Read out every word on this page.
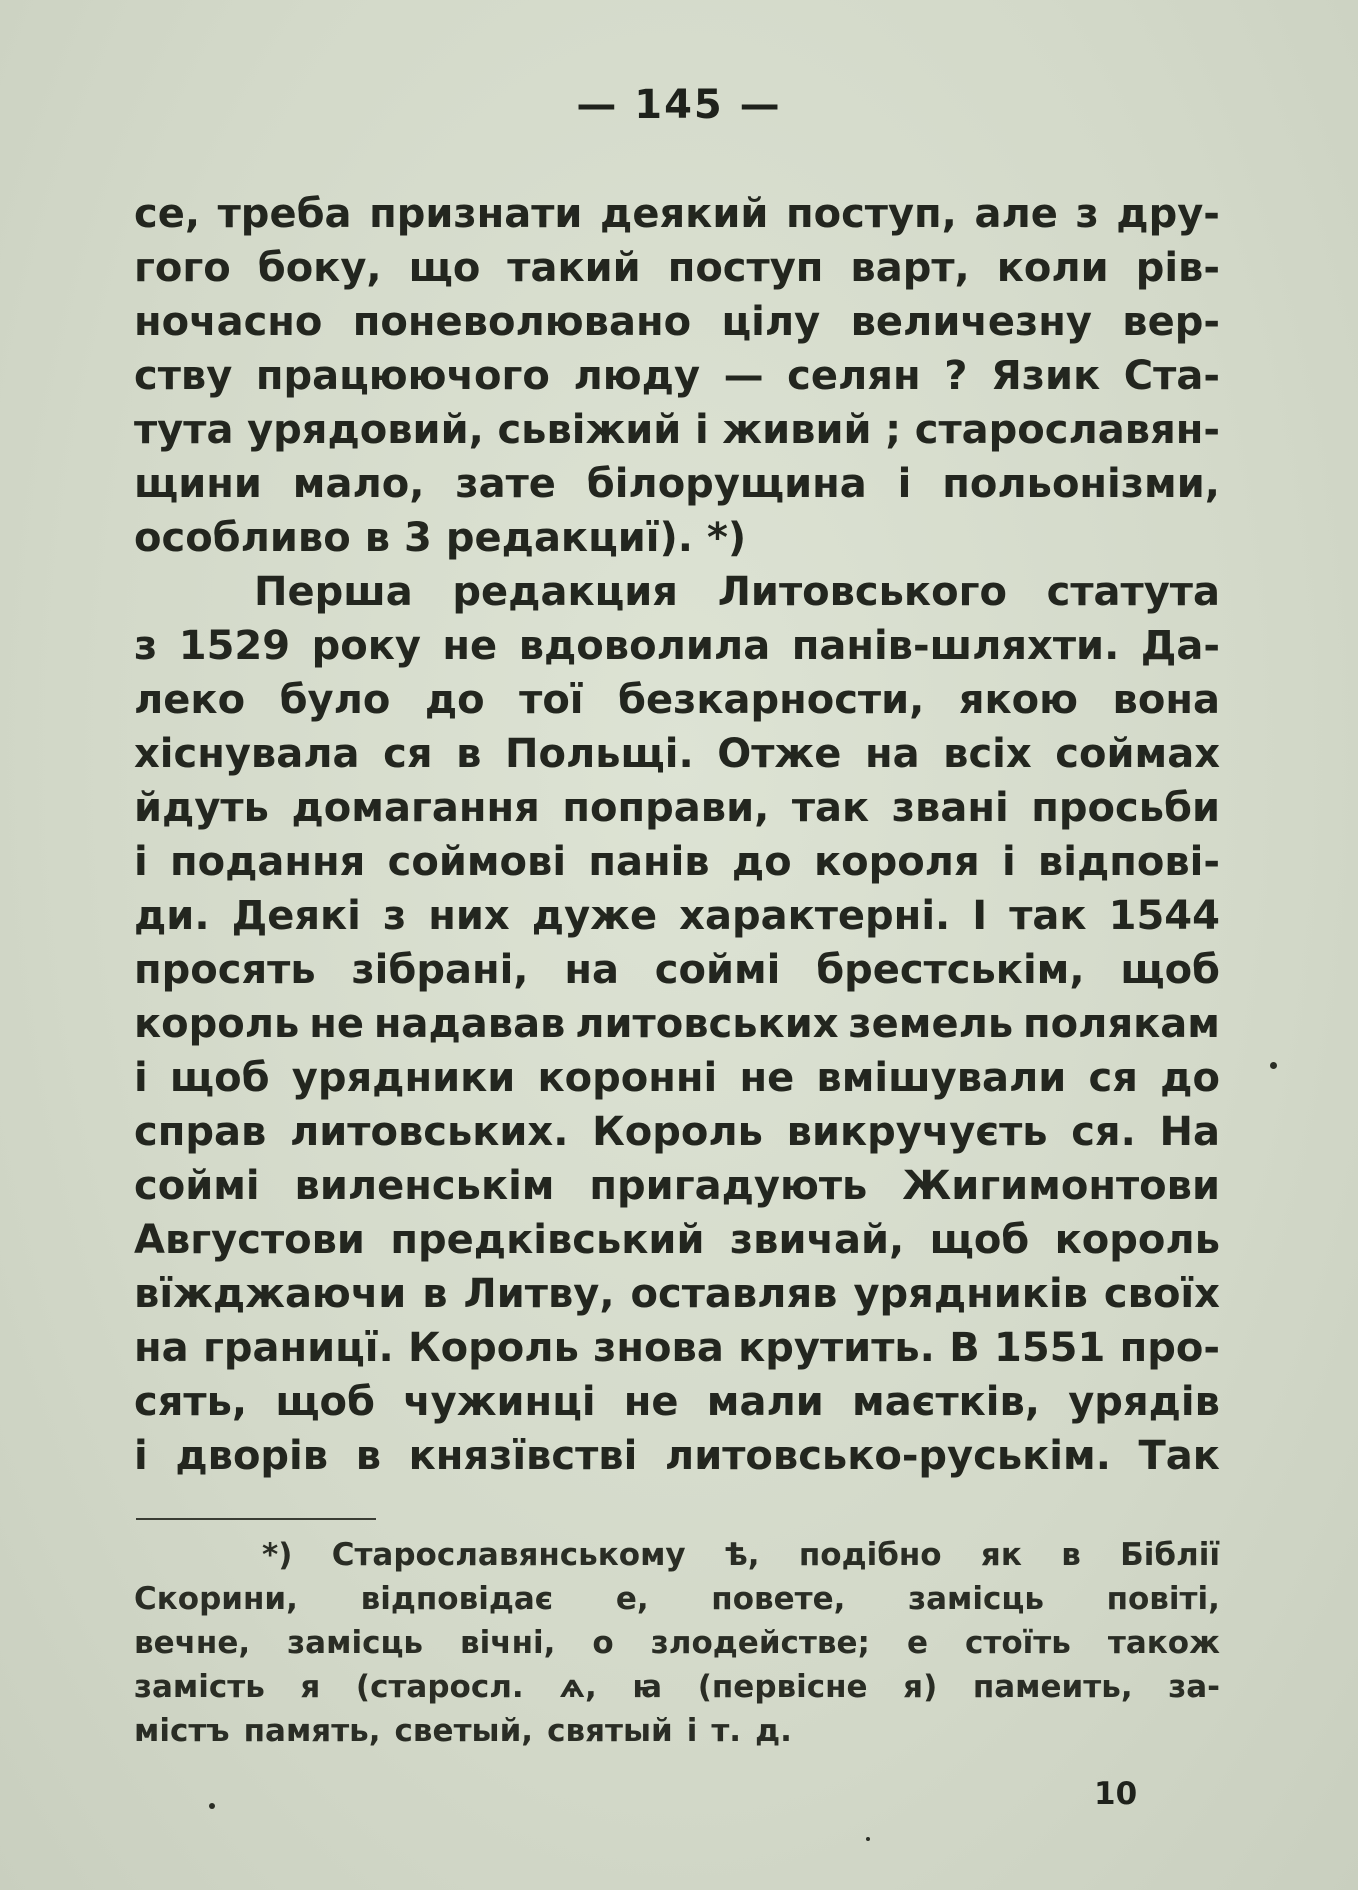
— 145 —
се, треба признати деякий поступ, але з дру-
гого боку, що такий поступ варт, коли рів-
ночасно поневолювано цілу величезну вер-
ству працюючого люду — селян ? Язик Ста-
тута урядовий, сьвіжий і живий ; старославян-
щини мало, зате білорущина і польонізми,
особливо в 3 редакциї). *)
Перша редакция Литовського статута
з 1529 року не вдоволила панів-шляхти. Да-
леко було до тої безкарности, якою вона
хіснувала ся в Польщі. Отже на всіх соймах
йдуть домагання поправи, так звані просьби
і подання соймові панів до короля і відпові-
ди. Деякі з них дуже характерні. І так 1544
просять зібрані, на соймі брестськім, щоб
король не надавав литовських земель полякам
і щоб урядники коронні не вмішували ся до
справ литовських. Король викручуєть ся. На
соймі виленськім пригадують Жигимонтови
Августови предківський звичай, щоб король
вїжджаючи в Литву, оставляв урядників своїх
на границї. Король знова крутить. В 1551 про-
сять, щоб чужинці не мали маєтків, урядів
і дворів в князївстві литовсько-руськім. Так
*) Старославянському ѣ, подібно як в Біблії
Скорини, відповідає е, повете, замісць повіті,
вечне, замісць вічні, о злодействе; е стоїть також
замість я (старосл. ѧ, ꙗ (первісне я) памеить, за-
містъ память, светый, святый і т. д.
10
